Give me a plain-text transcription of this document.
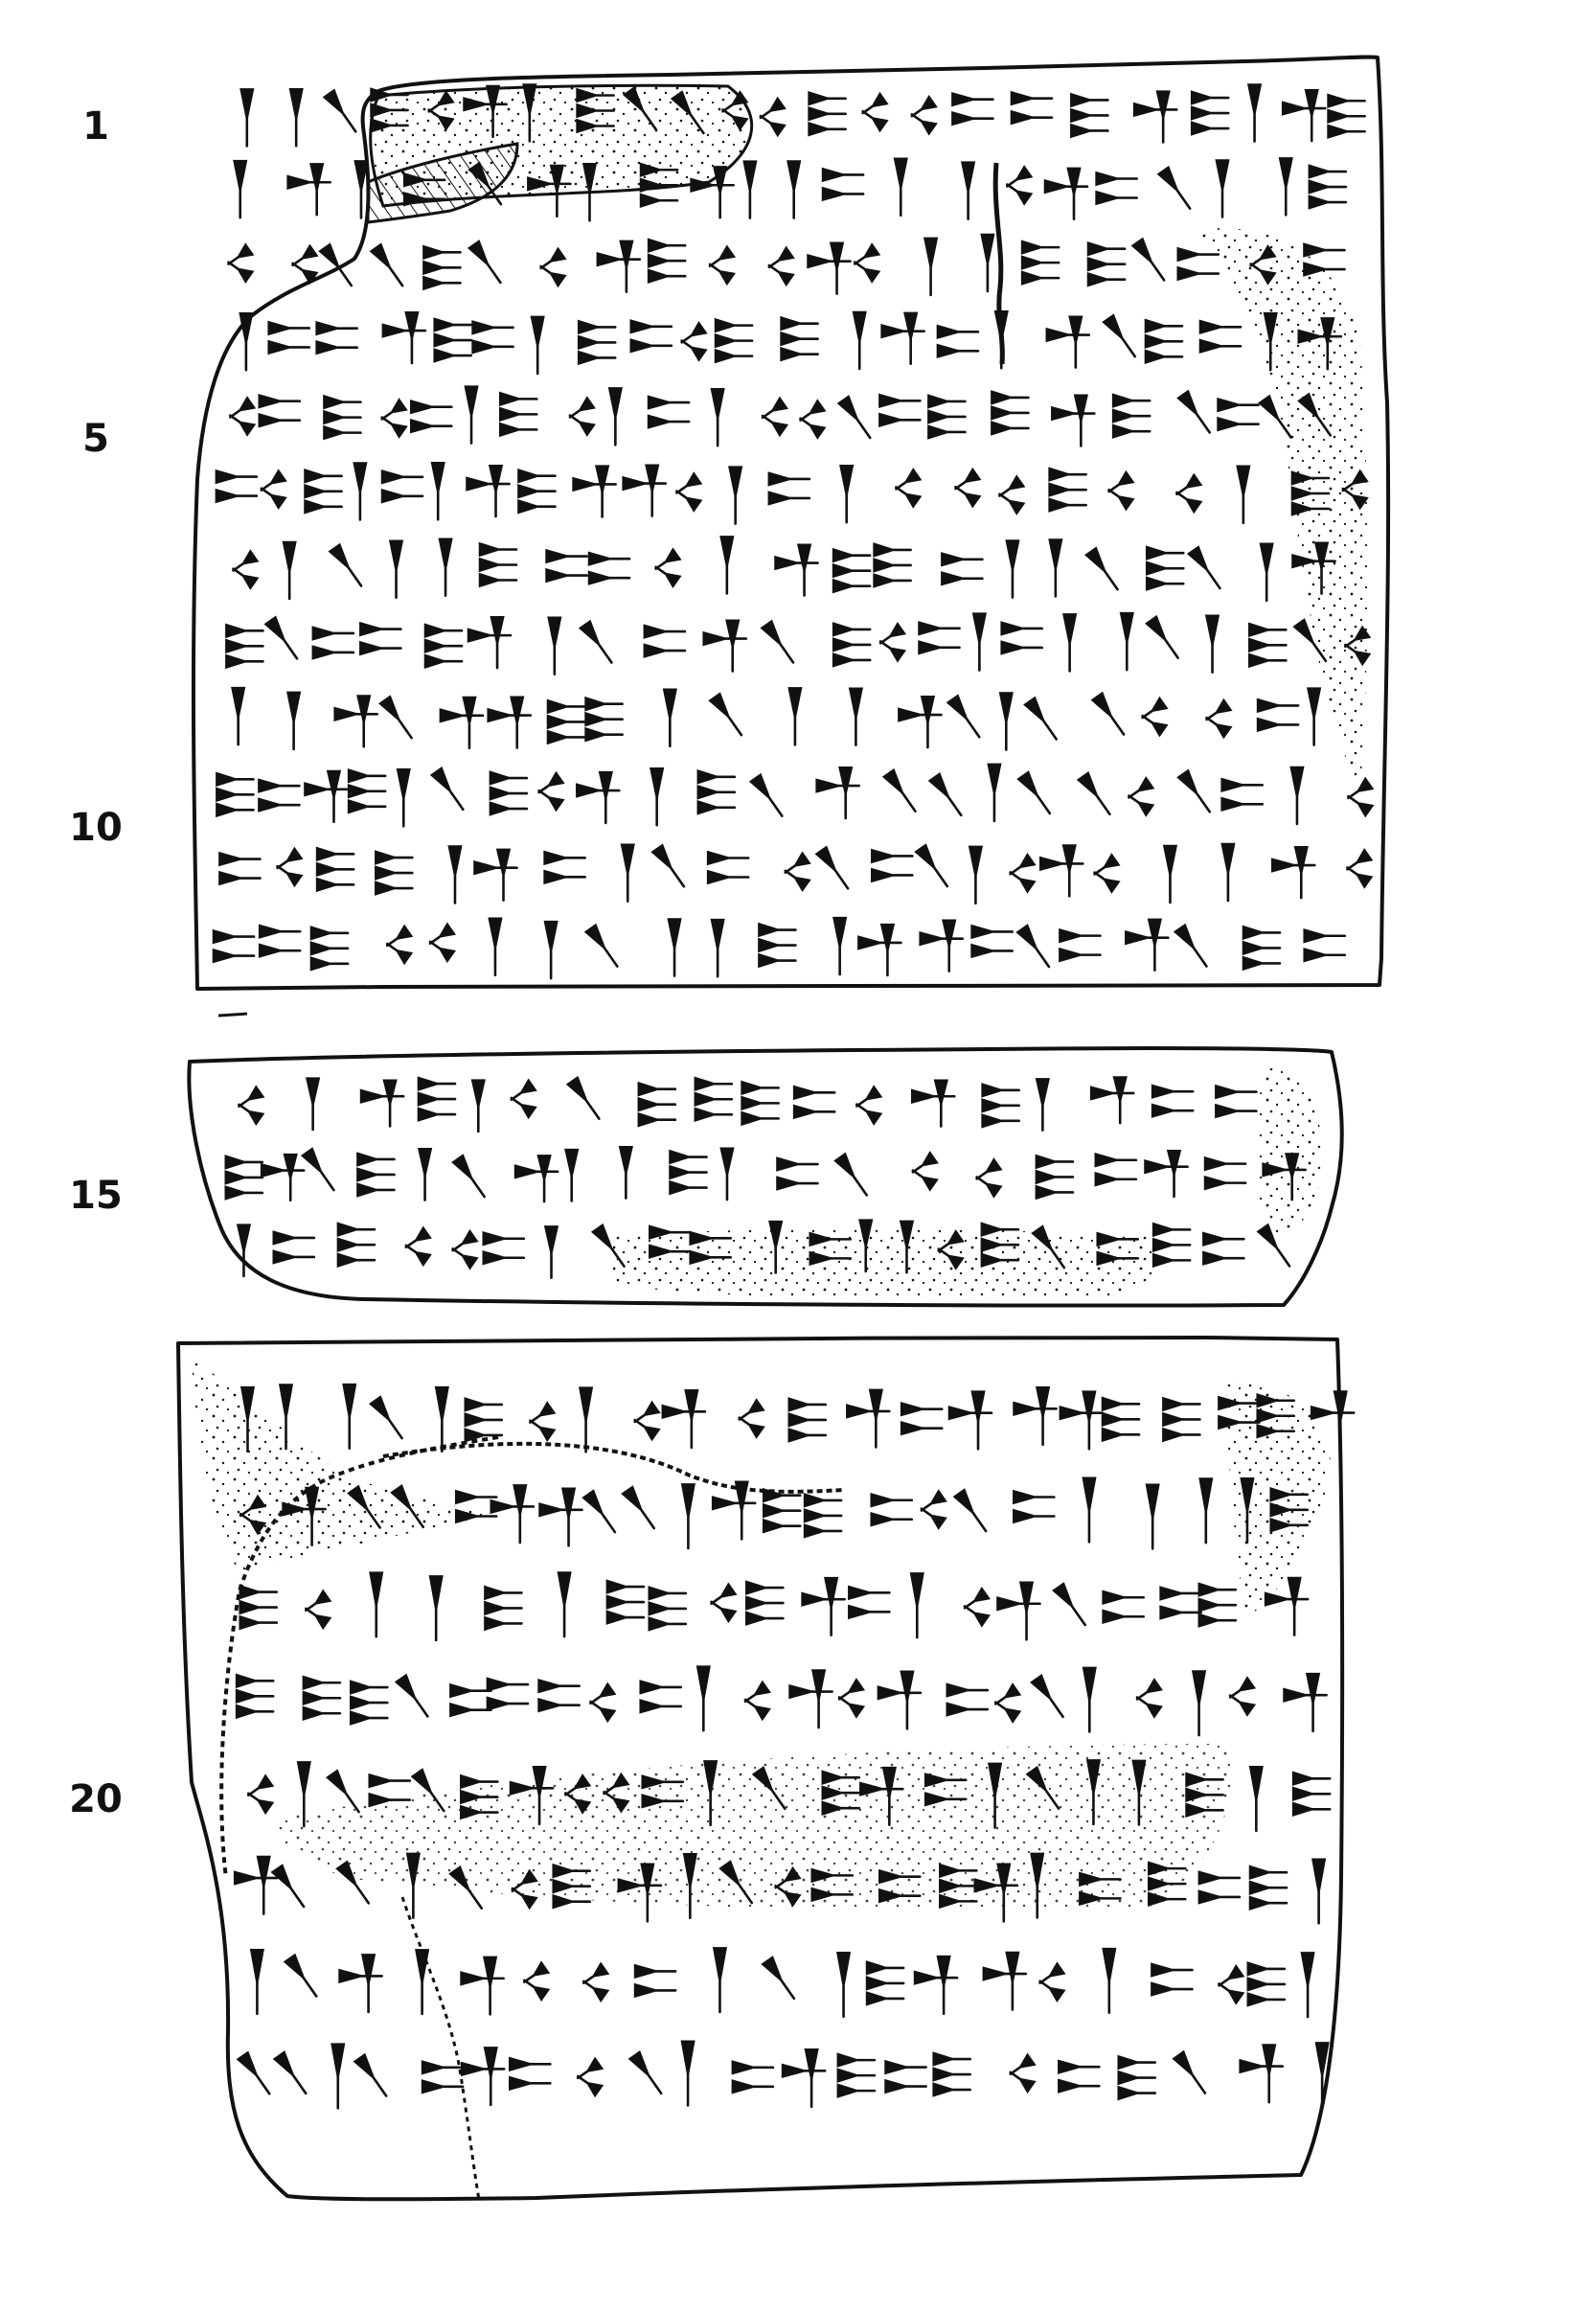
1
5
10
15
20
